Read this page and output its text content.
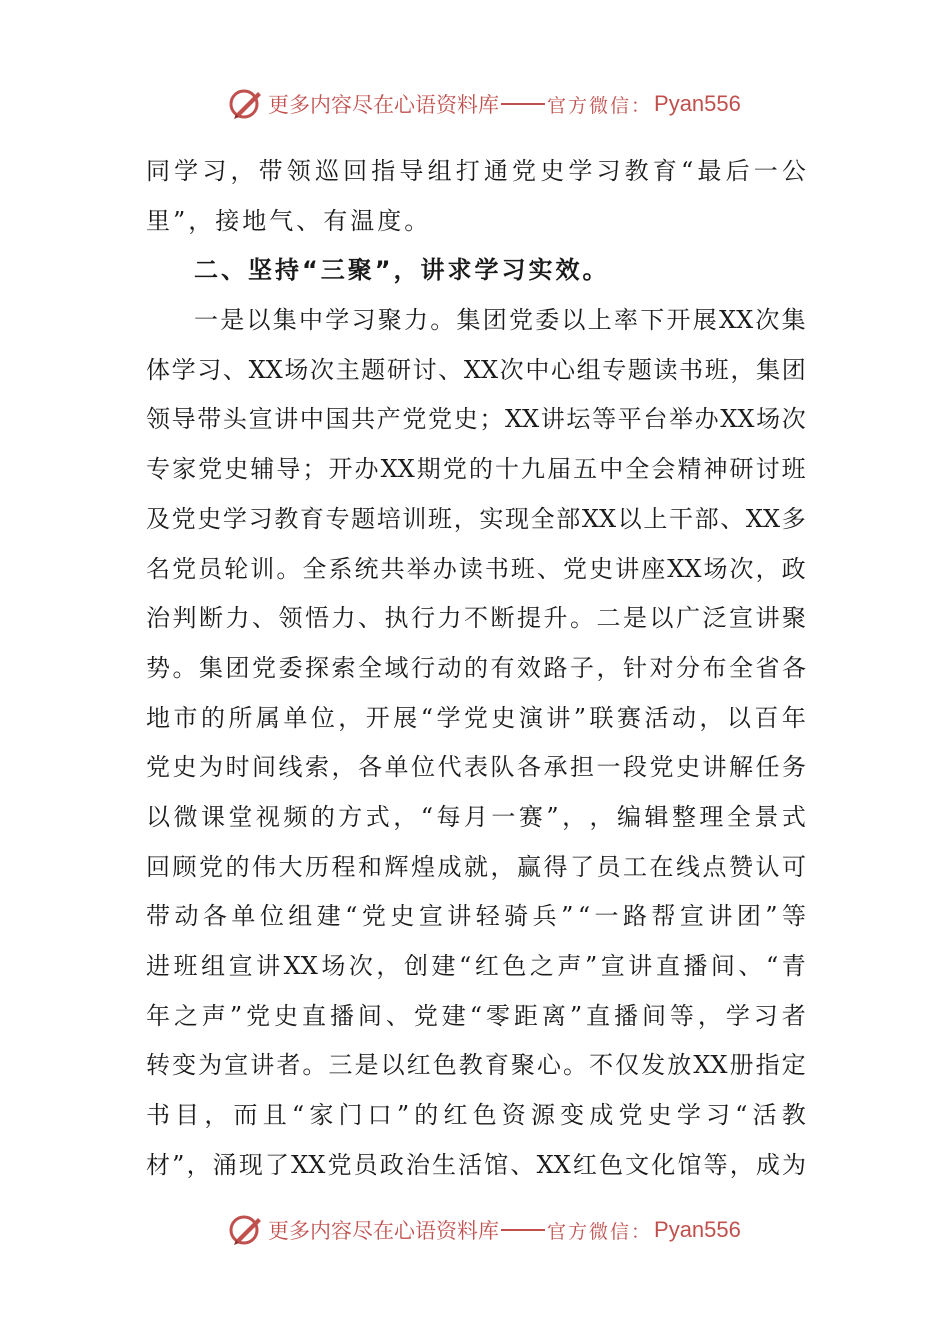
更多内容尽在心语资料库	官方微信： Pyan556
同 学 习 ， 带 领 巡 回 指 导 组 打 通 党 史 学 习 教 育 “ 最 后 一 公
里”，接地气、有温度。
二、坚持“三聚”，讲求学习实效。
一 是 以 集 中 学 习 聚 力 。 集 团 党 委 以 上 率 下 开 展 XX 次 集
体 学 习 、 XX 场 次 主 题 研 讨 、 XX 次 中 心 组 专 题 读 书 班 ， 集 团
领 导 带 头 宣 讲 中 国 共 产 党 党 史 ； XX 讲 坛 等 平 台 举 办 XX 场 次
专 家 党 史 辅 导 ； 开 办 XX 期 党 的 十 九 届 五 中 全 会 精 神 研 讨 班
及 党 史 学 习 教 育 专 题 培 训 班 ， 实 现 全 部 XX 以 上 干 部 、 XX 多
名 党 员 轮 训 。 全 系 统 共 举 办 读 书 班 、 党 史 讲 座 XX 场 次 ， 政
治 判 断 力 、 领 悟 力 、 执 行 力 不 断 提 升 。 二 是 以 广 泛 宣 讲 聚
势 。 集 团 党 委 探 索 全 域 行 动 的 有 效 路 子 ， 针 对 分 布 全 省 各
地 市 的 所 属 单 位 ， 开 展 “ 学 党 史 演 讲 ” 联 赛 活 动 ， 以 百 年
党 史 为 时 间 线 索 ， 各 单 位 代 表 队 各 承 担 一 段 党 史 讲 解 任 务
以 微 课 堂 视 频 的 方 式 ， “ 每 月 一 赛 ” ， ， 编 辑 整 理 全 景 式
回 顾 党 的 伟 大 历 程 和 辉 煌 成 就 ， 赢 得 了 员 工 在 线 点 赞 认 可
带 动 各 单 位 组 建 “ 党 史 宣 讲 轻 骑 兵 ” “ 一 路 帮 宣 讲 团 ” 等
进 班 组 宣 讲 XX 场 次 ， 创 建 “ 红 色 之 声 ” 宣 讲 直 播 间 、 “ 青
年 之 声 ” 党 史 直 播 间 、 党 建 “ 零 距 离 ” 直 播 间 等 ， 学 习 者
转 变 为 宣 讲 者 。 三 是 以 红 色 教 育 聚 心 。 不 仅 发 放 XX 册 指 定
书 目 ， 而 且 “ 家 门 口 ” 的 红 色 资 源 变 成 党 史 学 习 “ 活 教
材 ” ， 涌 现 了 XX 党 员 政 治 生 活 馆 、 XX 红 色 文 化 馆 等 ， 成 为
更多内容尽在心语资料库	官方微信： Pyan556
